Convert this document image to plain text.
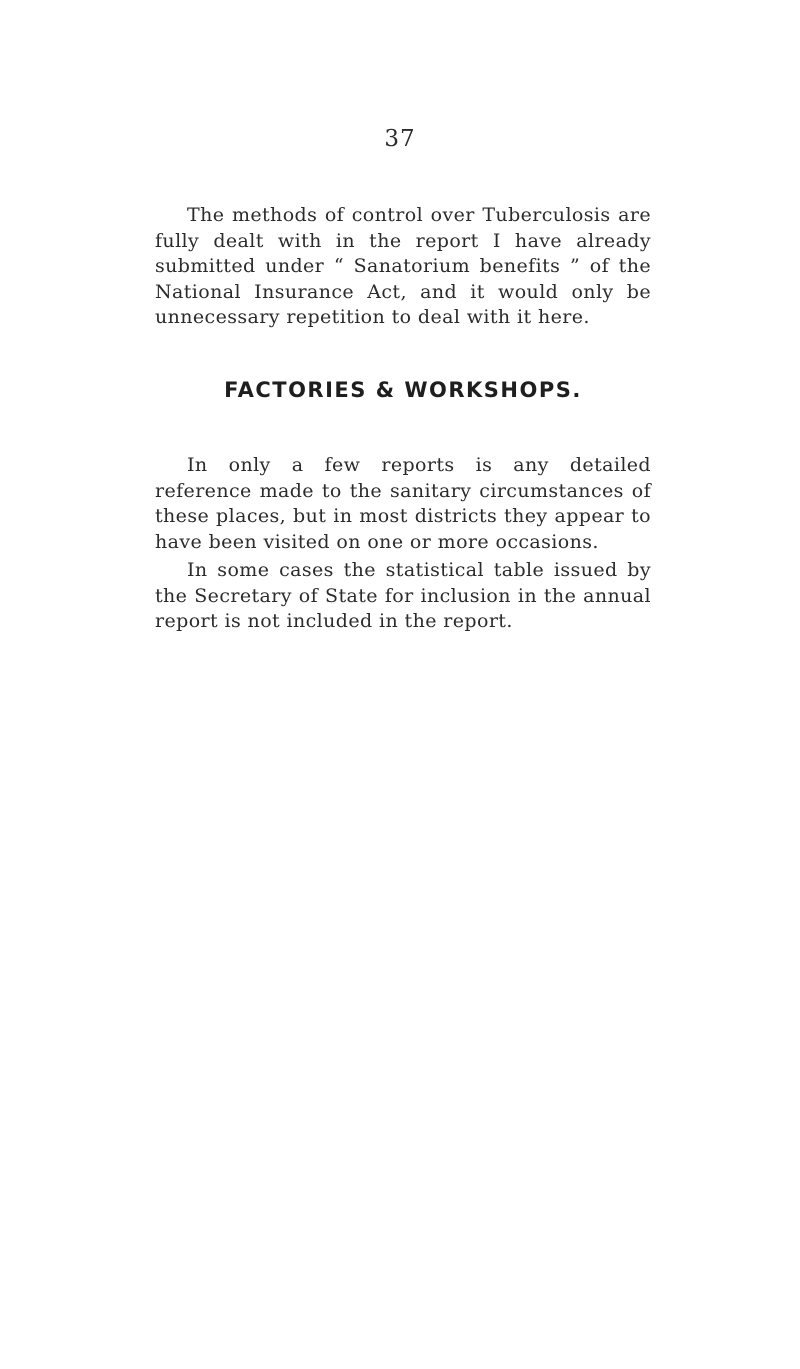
37

The methods of control over Tuberculosis are fully dealt with in the report I have already submitted under “ Sanatorium benefits ” of the National Insurance Act, and it would only be unnecessary repetition to deal with it here.

FACTORIES & WORKSHOPS.

In only a few reports is any detailed reference made to the sanitary circumstances of these places, but in most districts they appear to have been visited on one or more occasions.

In some cases the statistical table issued by the Secretary of State for inclusion in the annual report is not included in the report.
